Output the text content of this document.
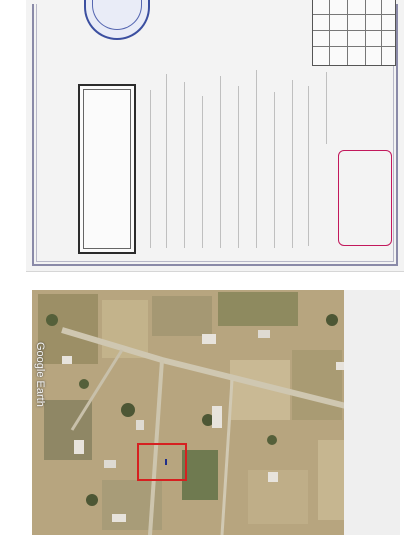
Google Earth
